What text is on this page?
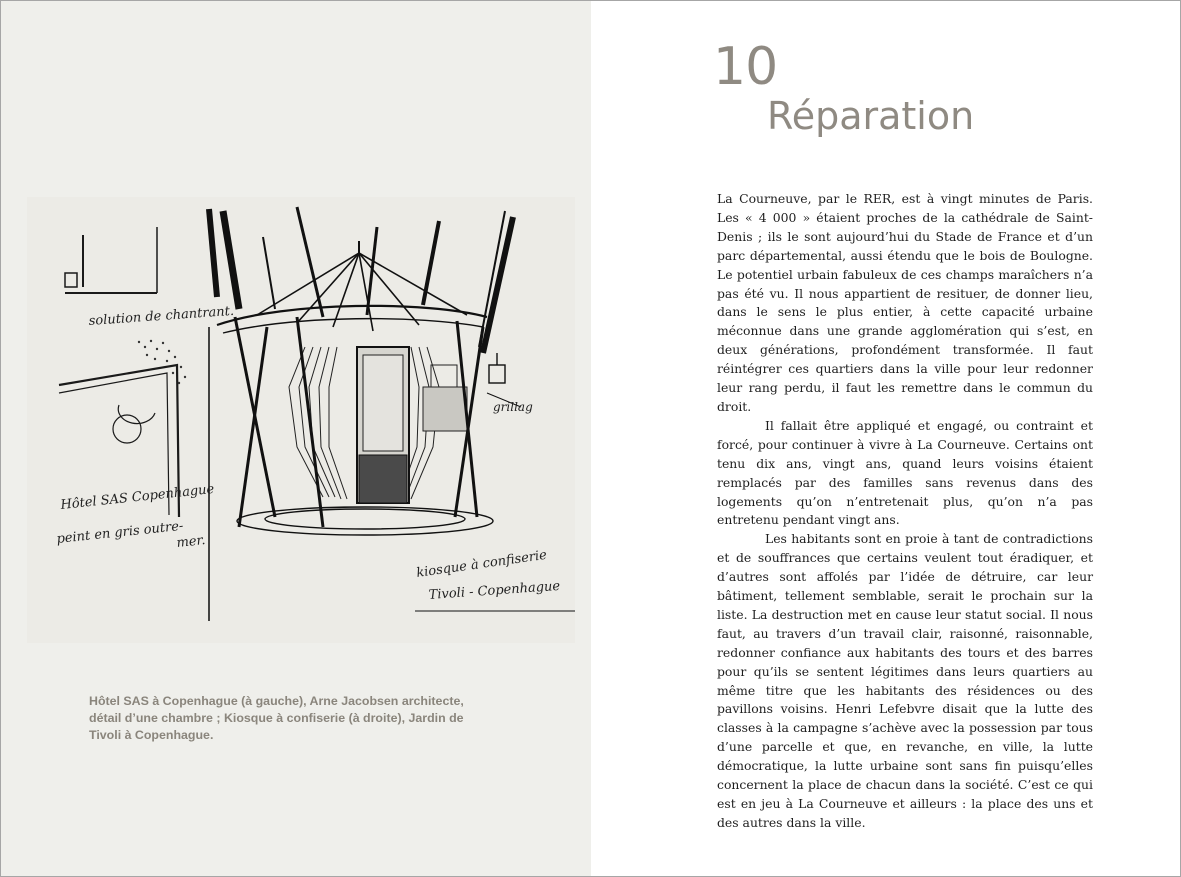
solution de chantrant.
Hôtel SAS Copenhague
peint en gris outre-
mer.
grillag
kiosque à confiserie
Tivoli - Copenhague
Hôtel SAS à Copenhague (à gauche), Arne Jacobsen architecte, détail d’une chambre ; Kiosque à confiserie (à droite), Jardin de Tivoli à Copenhague.
10
Réparation

La Courneuve, par le RER, est à vingt minutes de Paris. Les « 4 000 » étaient proches de la cathédrale de Saint-Denis ; ils le sont aujourd’hui du Stade de France et d’un parc départemental, aussi étendu que le bois de Boulogne. Le potentiel urbain fabuleux de ces champs maraîchers n’a pas été vu. Il nous appartient de resituer, de donner lieu, dans le sens le plus entier, à cette capacité urbaine méconnue dans une grande agglomération qui s’est, en deux générations, profondément transformée. Il faut réintégrer ces quartiers dans la ville pour leur redonner leur rang perdu, il faut les remettre dans le commun du droit.

Il fallait être appliqué et engagé, ou contraint et forcé, pour continuer à vivre à La Courneuve. Certains ont tenu dix ans, vingt ans, quand leurs voisins étaient remplacés par des familles sans revenus dans des logements qu’on n’entretenait plus, qu’on n’a pas entretenu pendant vingt ans.

Les habitants sont en proie à tant de contradictions et de souffrances que certains veulent tout éradiquer, et d’autres sont affolés par l’idée de détruire, car leur bâtiment, tellement semblable, serait le prochain sur la liste. La destruction met en cause leur statut social. Il nous faut, au travers d’un travail clair, raisonné, raisonnable, redonner confiance aux habitants des tours et des barres pour qu’ils se sentent légitimes dans leurs quartiers au même titre que les habitants des résidences ou des pavillons voisins. Henri Lefebvre disait que la lutte des classes à la campagne s’achève avec la possession par tous d’une parcelle et que, en revanche, en ville, la lutte démocratique, la lutte urbaine sont sans fin puisqu’elles concernent la place de chacun dans la société. C’est ce qui est en jeu à La Courneuve et ailleurs : la place des uns et des autres dans la ville.
